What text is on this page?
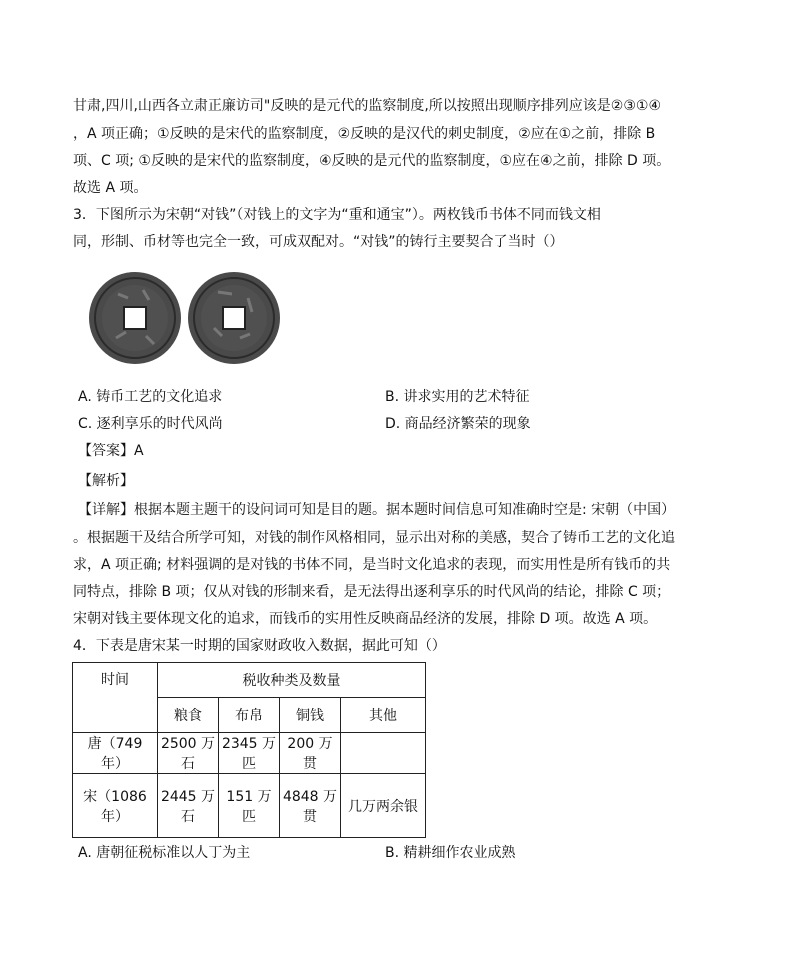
甘肃,四川,山西各立肃正廉访司"反映的是元代的监察制度,所以按照出现顺序排列应该是②③①④
，A 项正确；①反映的是宋代的监察制度，②反映的是汉代的刺史制度，②应在①之前，排除 B
项、C 项; ①反映的是宋代的监察制度，④反映的是元代的监察制度，①应在④之前，排除 D 项。
故选 A 项。
3．下图所示为宋朝“对钱”（对钱上的文字为“重和通宝”）。两枚钱币书体不同而钱文相
同，形制、币材等也完全一致，可成双配对。“对钱”的铸行主要契合了当时（）
A. 铸币工艺的文化追求	B. 讲求实用的艺术特征
C. 逐利享乐的时代风尚	D. 商品经济繁荣的现象
【答案】A
【解析】
【详解】根据本题主题干的设问词可知是目的题。据本题时间信息可知准确时空是: 宋朝（中国）
。根据题干及结合所学可知，对钱的制作风格相同，显示出对称的美感，契合了铸币工艺的文化追
求，A 项正确; 材料强调的是对钱的书体不同，是当时文化追求的表现，而实用性是所有钱币的共
同特点，排除 B 项；仅从对钱的形制来看，是无法得出逐利享乐的时代风尚的结论，排除 C 项；
宋朝对钱主要体现文化的追求，而钱币的实用性反映商品经济的发展，排除 D 项。故选 A 项。
4．下表是唐宋某一时期的国家财政收入数据，据此可知（）
时间	税收种类及数量			
	粮食	布帛	铜钱	其他
唐（749 年）	2500 万石	2345 万匹	200 万贯	
宋（1086 年）	2445 万石	151 万匹	4848 万贯	几万两余银
A. 唐朝征税标准以人丁为主	B. 精耕细作农业成熟
